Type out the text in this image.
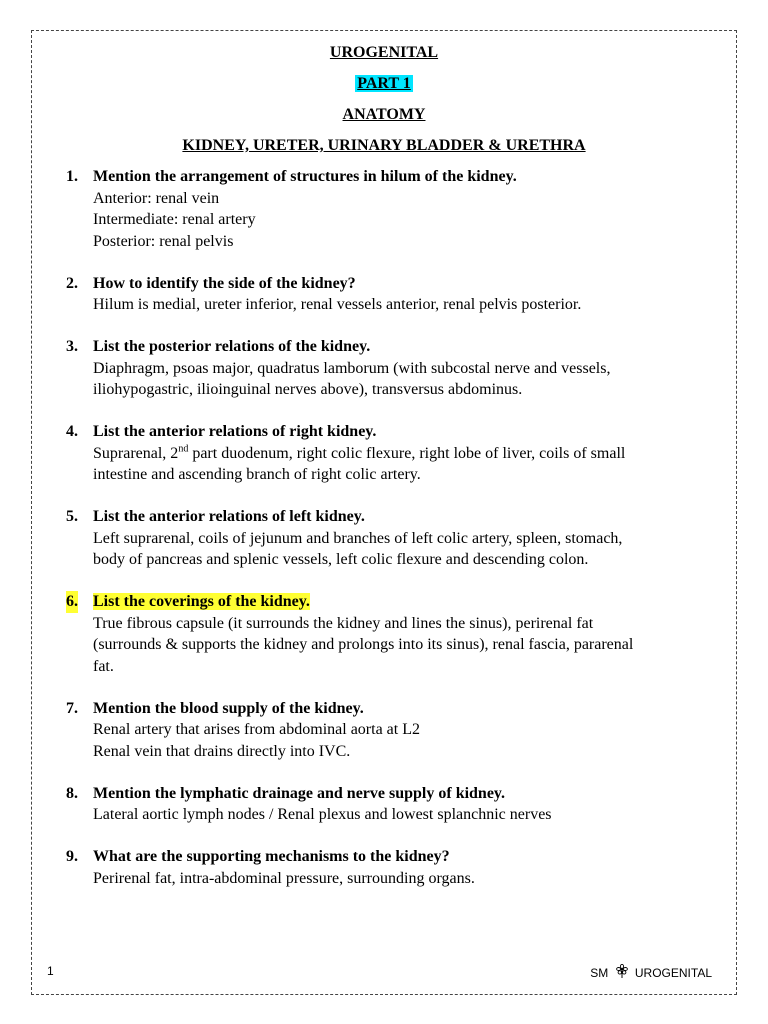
UROGENITAL
PART 1
ANATOMY
KIDNEY, URETER, URINARY BLADDER & URETHRA
1. Mention the arrangement of structures in hilum of the kidney.
Anterior: renal vein
Intermediate: renal artery
Posterior: renal pelvis
2. How to identify the side of the kidney?
Hilum is medial, ureter inferior, renal vessels anterior, renal pelvis posterior.
3. List the posterior relations of the kidney.
Diaphragm, psoas major, quadratus lamborum (with subcostal nerve and vessels,
iliohypogastric, ilioinguinal nerves above), transversus abdominus.
4. List the anterior relations of right kidney.
Suprarenal, 2nd part duodenum, right colic flexure, right lobe of liver, coils of small
intestine and ascending branch of right colic artery.
5. List the anterior relations of left kidney.
Left suprarenal, coils of jejunum and branches of left colic artery, spleen, stomach,
body of pancreas and splenic vessels, left colic flexure and descending colon.
6. List the coverings of the kidney.
True fibrous capsule (it surrounds the kidney and lines the sinus), perirenal fat
(surrounds & supports the kidney and prolongs into its sinus), renal fascia, pararenal
fat.
7. Mention the blood supply of the kidney.
Renal artery that arises from abdominal aorta at L2
Renal vein that drains directly into IVC.
8. Mention the lymphatic drainage and nerve supply of kidney.
Lateral aortic lymph nodes / Renal plexus and lowest splanchnic nerves
9. What are the supporting mechanisms to the kidney?
Perirenal fat, intra-abdominal pressure, surrounding organs.
1	SM UROGENITAL
